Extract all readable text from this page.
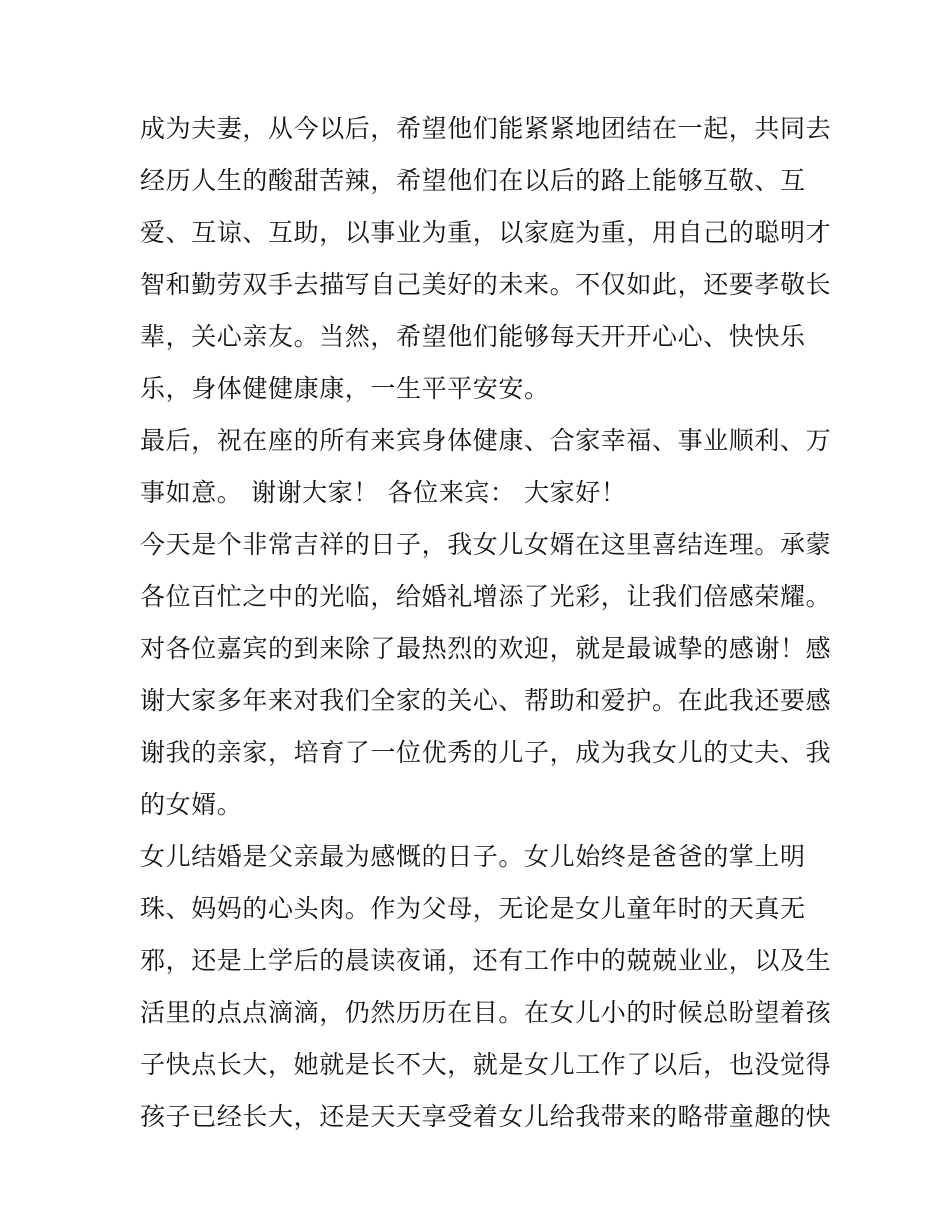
成为夫妻，从今以后，希望他们能紧紧地团结在一起，共同去
经历人生的酸甜苦辣，希望他们在以后的路上能够互敬、互
爱、互谅、互助，以事业为重，以家庭为重，用自己的聪明才
智和勤劳双手去描写自己美好的未来。不仅如此，还要孝敬长
辈，关心亲友。当然，希望他们能够每天开开心心、快快乐
乐，身体健健康康，一生平平安安。
最后，祝在座的所有来宾身体健康、合家幸福、事业顺利、万
事如意。 谢谢大家！ 各位来宾： 大家好！
今天是个非常吉祥的日子，我女儿女婿在这里喜结连理。承蒙
各位百忙之中的光临，给婚礼增添了光彩，让我们倍感荣耀。
对各位嘉宾的到来除了最热烈的欢迎，就是最诚挚的感谢！感
谢大家多年来对我们全家的关心、帮助和爱护。在此我还要感
谢我的亲家，培育了一位优秀的儿子，成为我女儿的丈夫、我
的女婿。
女儿结婚是父亲最为感慨的日子。女儿始终是爸爸的掌上明
珠、妈妈的心头肉。作为父母，无论是女儿童年时的天真无
邪，还是上学后的晨读夜诵，还有工作中的兢兢业业，以及生
活里的点点滴滴，仍然历历在目。在女儿小的时候总盼望着孩
子快点长大，她就是长不大，就是女儿工作了以后，也没觉得
孩子已经长大，还是天天享受着女儿给我带来的略带童趣的快
